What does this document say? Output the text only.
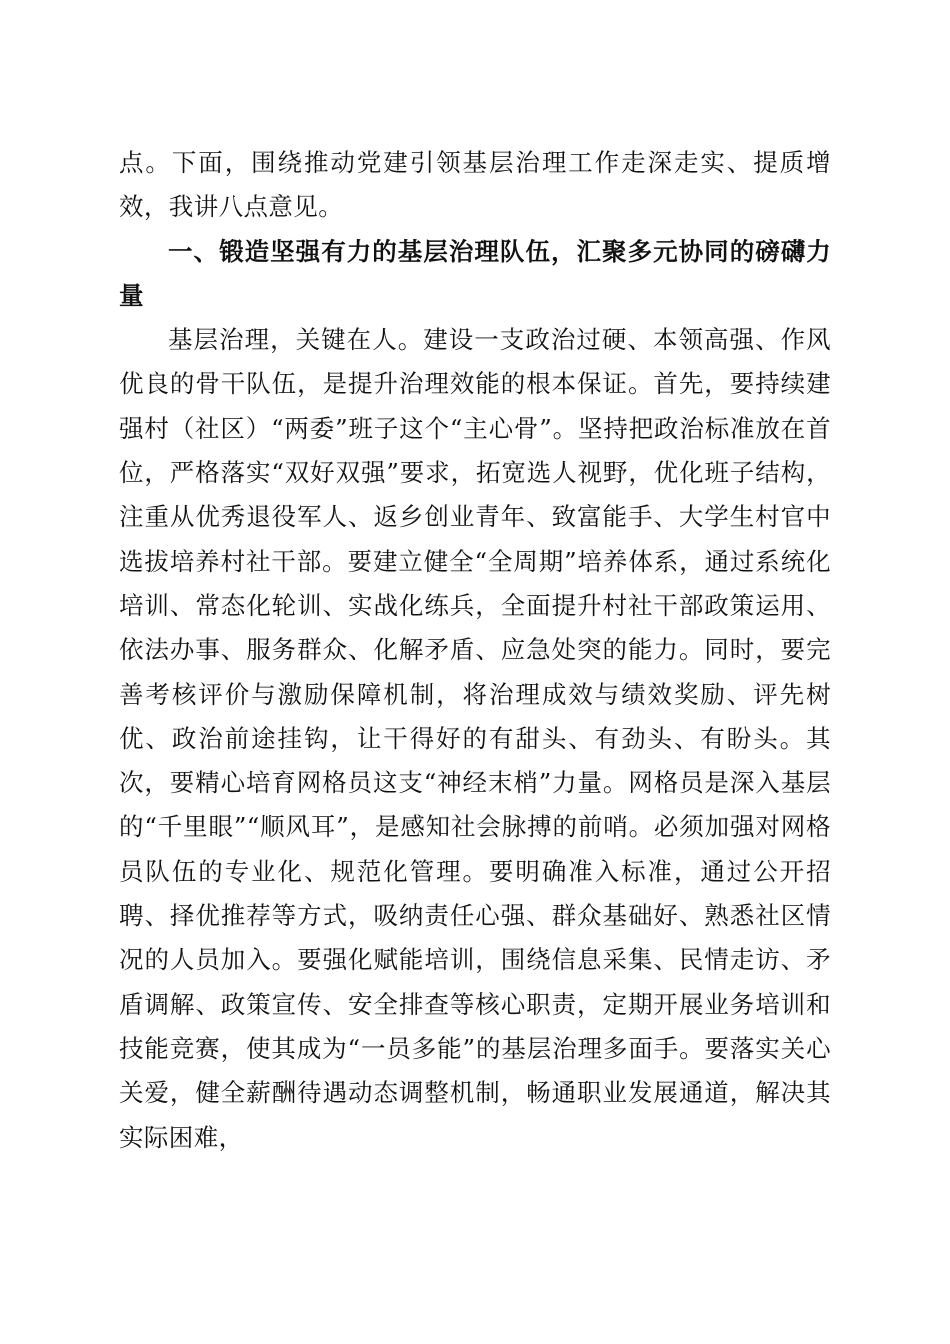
点。下面，围绕推动党建引领基层治理工作走深走实、提质增效，我讲八点意见。

一、锻造坚强有力的基层治理队伍，汇聚多元协同的磅礴力量

基层治理，关键在人。建设一支政治过硬、本领高强、作风优良的骨干队伍，是提升治理效能的根本保证。首先，要持续建强村（社区）“两委”班子这个“主心骨”。坚持把政治标准放在首位，严格落实“双好双强”要求，拓宽选人视野，优化班子结构，注重从优秀退役军人、返乡创业青年、致富能手、大学生村官中选拔培养村社干部。要建立健全“全周期”培养体系，通过系统化培训、常态化轮训、实战化练兵，全面提升村社干部政策运用、依法办事、服务群众、化解矛盾、应急处突的能力。同时，要完善考核评价与激励保障机制，将治理成效与绩效奖励、评先树优、政治前途挂钩，让干得好的有甜头、有劲头、有盼头。其次，要精心培育网格员这支“神经末梢”力量。网格员是深入基层的“千里眼”“顺风耳”，是感知社会脉搏的前哨。必须加强对网格员队伍的专业化、规范化管理。要明确准入标准，通过公开招聘、择优推荐等方式，吸纳责任心强、群众基础好、熟悉社区情况的人员加入。要强化赋能培训，围绕信息采集、民情走访、矛盾调解、政策宣传、安全排查等核心职责，定期开展业务培训和技能竞赛，使其成为“一员多能”的基层治理多面手。要落实关心关爱，健全薪酬待遇动态调整机制，畅通职业发展通道，解决其实际困难，
